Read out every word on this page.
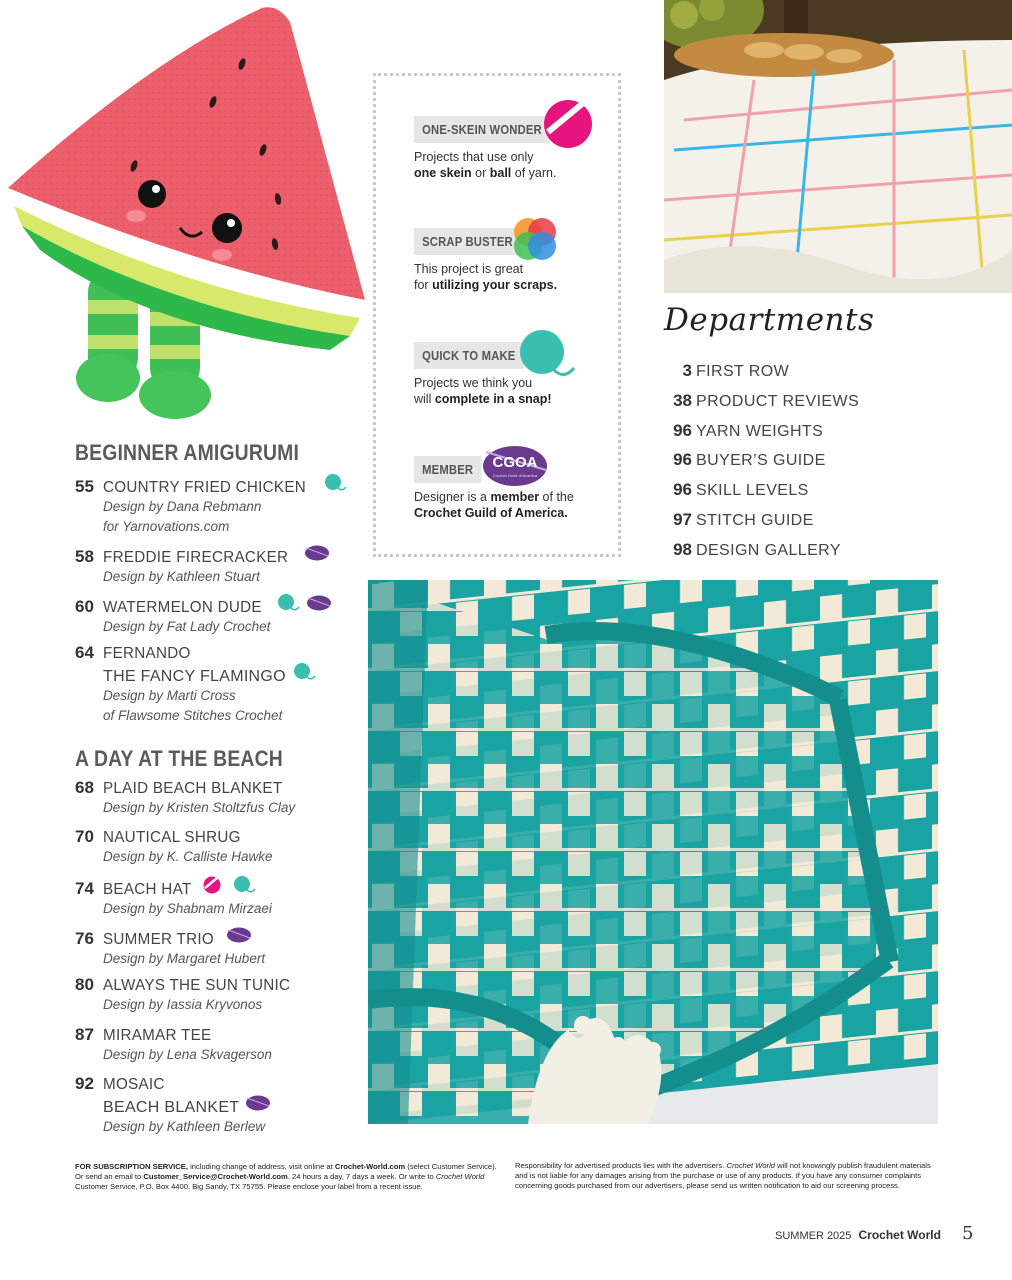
ONE-SKEIN WONDER
Projects that use only
one skein or ball of yarn.
SCRAP BUSTER
This project is great
for utilizing your scraps.
QUICK TO MAKE
Projects we think you
will complete in a snap!
MEMBER
Designer is a member of the
Crochet Guild of America.
CGOA
Crochet Guild of America
BEGINNER AMIGURUMI
55 COUNTRY FRIED CHICKEN
Design by Dana Rebmann
for Yarnovations.com
58 FREDDIE FIRECRACKER
Design by Kathleen Stuart
60 WATERMELON DUDE
Design by Fat Lady Crochet
64 FERNANDO
THE FANCY FLAMINGO
Design by Marti Cross
of Flawsome Stitches Crochet
A DAY AT THE BEACH
68 PLAID BEACH BLANKET
Design by Kristen Stoltzfus Clay
70 NAUTICAL SHRUG
Design by K. Calliste Hawke
74 BEACH HAT
Design by Shabnam Mirzaei
76 SUMMER TRIO
Design by Margaret Hubert
80 ALWAYS THE SUN TUNIC
Design by Iassia Kryvonos
87 MIRAMAR TEE
Design by Lena Skvagerson
92 MOSAIC
BEACH BLANKET
Design by Kathleen Berlew
Departments
3 FIRST ROW
38 PRODUCT REVIEWS
96 YARN WEIGHTS
96 BUYER’S GUIDE
96 SKILL LEVELS
97 STITCH GUIDE
98 DESIGN GALLERY
FOR SUBSCRIPTION SERVICE, including change of address, visit online at Crochet-World.com (select Customer Service). Or send an email to Customer_Service@Crochet-World.com. 24 hours a day, 7 days a week. Or write to Crochet World Customer Service, P.O. Box 4400, Big Sandy, TX 75755. Please enclose your label from a recent issue.
Responsibility for advertised products lies with the advertisers. Crochet World will not knowingly publish fraudulent materials and is not liable for any damages arising from the purchase or use of any products. If you have any consumer complaints concerning goods purchased from our advertisers, please send us written notification to aid our screening process.
SUMMER 2025 Crochet World	5
